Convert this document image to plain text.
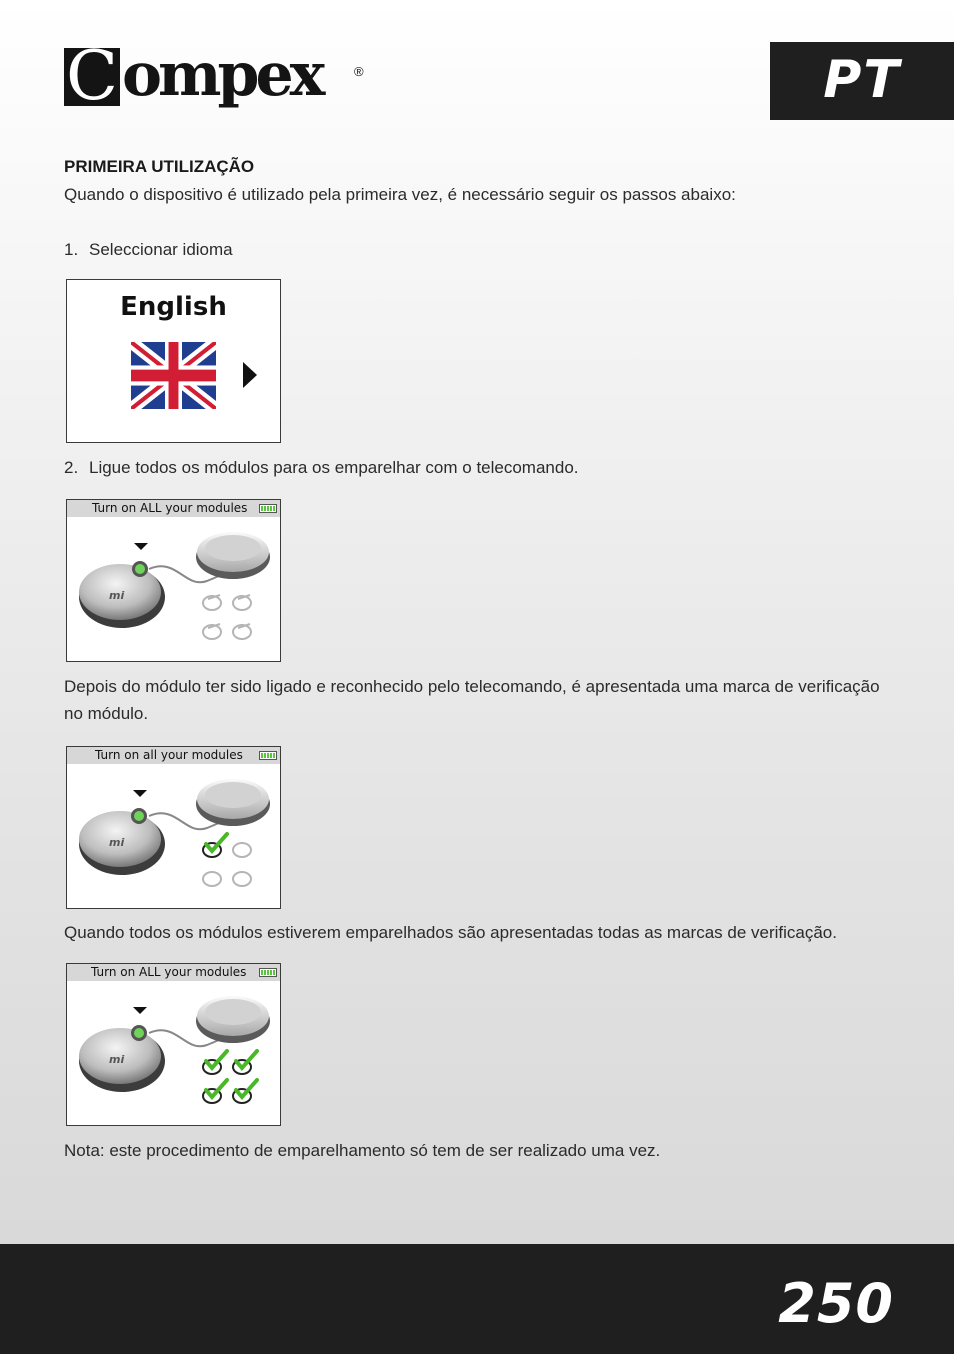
C ompex	®	PT
PRIMEIRA UTILIZAÇÃO
Quando o dispositivo é utilizado pela primeira vez, é necessário seguir os passos abaixo:
1. Seleccionar idioma
English
2. Ligue todos os módulos para os emparelhar com o telecomando.
Turn on ALL your modules
mi
Depois do módulo ter sido ligado e reconhecido pelo telecomando, é apresentada uma marca de verificação no módulo.
Turn on all your modules
mi
Quando todos os módulos estiverem emparelhados são apresentadas todas as marcas de verificação.
Turn on ALL your modules
mi
Nota: este procedimento de emparelhamento só tem de ser realizado uma vez.
250
